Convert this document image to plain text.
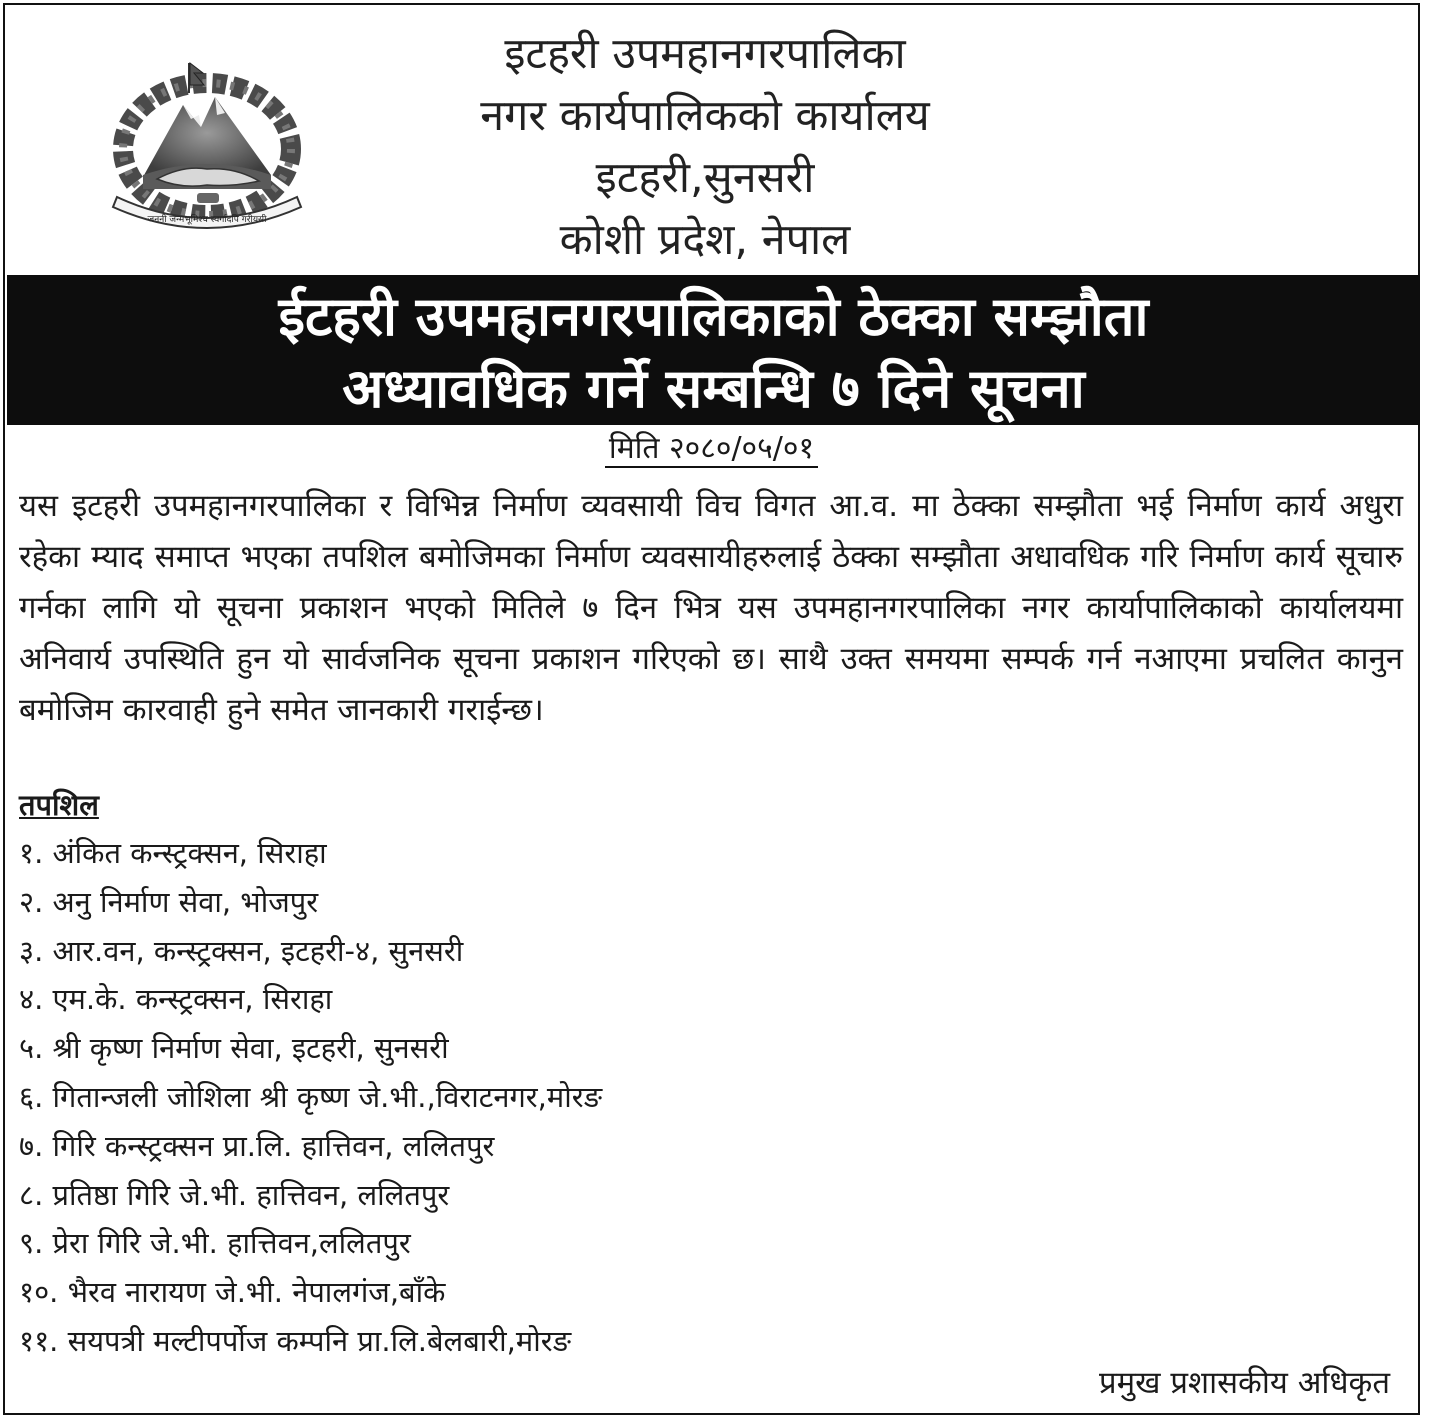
जननी जन्मभूमिश्च स्वर्गादपि गरीयसी
इटहरी उपमहानगरपालिका
नगर कार्यपालिकको कार्यालय
इटहरी,सुनसरी
कोशी प्रदेश, नेपाल
ईटहरी उपमहानगरपालिकाको ठेक्का सम्झौता
अध्यावधिक गर्ने सम्बन्धि ७ दिने सूचना
मिति २०८०/०५/०१
यस इटहरी उपमहानगरपालिका र विभिन्न निर्माण व्यवसायी विच विगत आ.व. मा ठेक्का सम्झौता भई निर्माण कार्य अधुरा रहेका म्याद समाप्त भएका तपशिल बमोजिमका निर्माण व्यवसायीहरुलाई ठेक्का सम्झौता अधावधिक गरि निर्माण कार्य सूचारु गर्नका लागि यो सूचना प्रकाशन भएको मितिले ७ दिन भित्र यस उपमहानगरपालिका नगर कार्यापालिकाको कार्यालयमा अनिवार्य उपस्थिति हुन यो सार्वजनिक सूचना प्रकाशन गरिएको छ। साथै उक्त समयमा सम्पर्क गर्न नआएमा प्रचलित कानुन बमोजिम कारवाही हुने समेत जानकारी गराईन्छ।
तपशिल
१. अंकित कन्स्ट्रक्सन, सिराहा
२. अनु निर्माण सेवा, भोजपुर
३. आर.वन, कन्स्ट्रक्सन, इटहरी-४, सुनसरी
४. एम.के. कन्स्ट्रक्सन, सिराहा
५. श्री कृष्ण निर्माण सेवा, इटहरी, सुनसरी
६. गितान्जली जोशिला श्री कृष्ण जे.भी.,विराटनगर,मोरङ
७. गिरि कन्स्ट्रक्सन प्रा.लि. हात्तिवन, ललितपुर
८. प्रतिष्ठा गिरि जे.भी. हात्तिवन, ललितपुर
९. प्रेरा गिरि जे.भी. हात्तिवन,ललितपुर
१०. भैरव नारायण जे.भी. नेपालगंज,बाँके
११. सयपत्री मल्टीपर्पोज कम्पनि प्रा.लि.बेलबारी,मोरङ
प्रमुख प्रशासकीय अधिकृत
